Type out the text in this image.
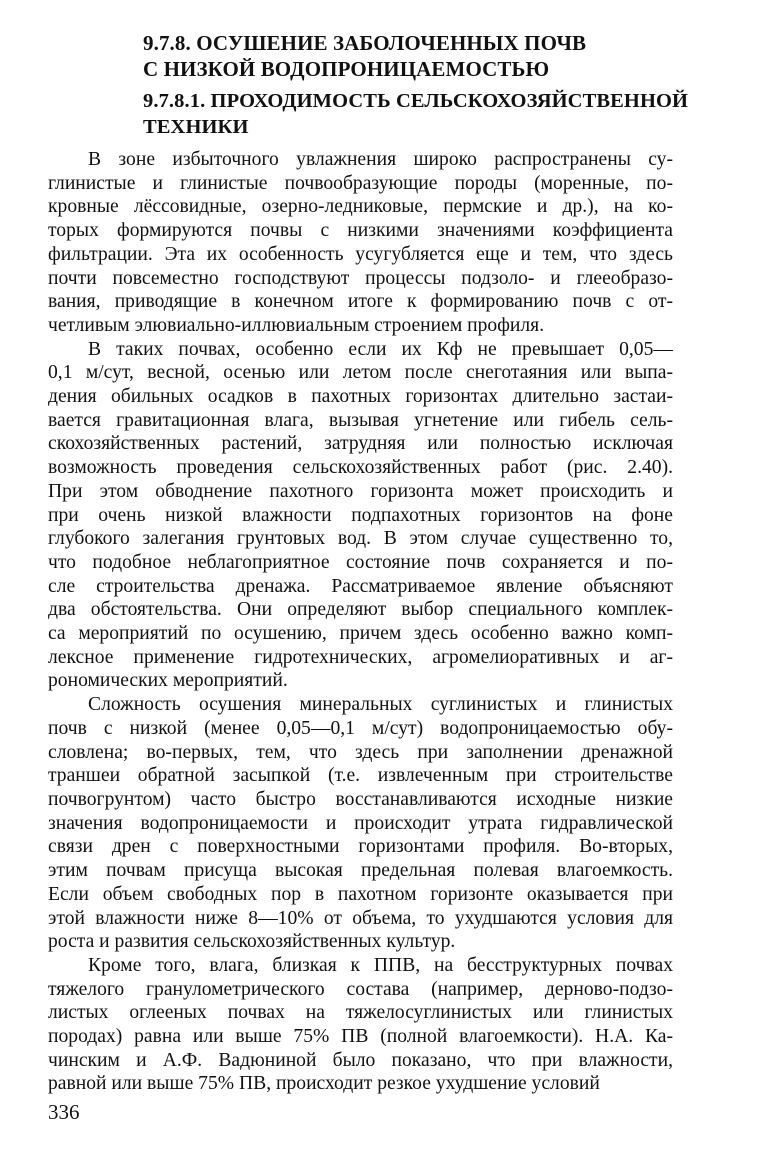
9.7.8. ОСУШЕНИЕ ЗАБОЛОЧЕННЫХ ПОЧВ

С НИЗКОЙ ВОДОПРОНИЦАЕМОСТЬЮ

9.7.8.1. ПРОХОДИМОСТЬ СЕЛЬСКОХОЗЯЙСТВЕННОЙ

ТЕХНИКИ

В зоне избыточного увлажнения широко распространены су-

глинистые и глинистые почвообразующие породы (моренные, по-

кровные лёссовидные, озерно-ледниковые, пермские и др.), на ко-

торых формируются почвы с низкими значениями коэффициента

фильтрации. Эта их особенность усугубляется еще и тем, что здесь

почти повсеместно господствуют процессы подзоло- и глееобразо-

вания, приводящие в конечном итоге к формированию почв с от-

четливым элювиально-иллювиальным строением профиля.

В таких почвах, особенно если их Кф не превышает 0,05—

0,1 м/сут, весной, осенью или летом после снеготаяния или выпа-

дения обильных осадков в пахотных горизонтах длительно застаи-

вается гравитационная влага, вызывая угнетение или гибель сель-

скохозяйственных растений, затрудняя или полностью исключая

возможность проведения сельскохозяйственных работ (рис. 2.40).

При этом обводнение пахотного горизонта может происходить и

при очень низкой влажности подпахотных горизонтов на фоне

глубокого залегания грунтовых вод. В этом случае существенно то,

что подобное неблагоприятное состояние почв сохраняется и по-

сле строительства дренажа. Рассматриваемое явление объясняют

два обстоятельства. Они определяют выбор специального комплек-

са мероприятий по осушению, причем здесь особенно важно комп-

лексное применение гидротехнических, агромелиоративных и аг-

рономических мероприятий.

Сложность осушения минеральных суглинистых и глинистых

почв с низкой (менее 0,05—0,1 м/сут) водопроницаемостью обу-

словлена; во-первых, тем, что здесь при заполнении дренажной

траншеи обратной засыпкой (т.е. извлеченным при строительстве

почвогрунтом) часто быстро восстанавливаются исходные низкие

значения водопроницаемости и происходит утрата гидравлической

связи дрен с поверхностными горизонтами профиля. Во-вторых,

этим почвам присуща высокая предельная полевая влагоемкость.

Если объем свободных пор в пахотном горизонте оказывается при

этой влажности ниже 8—10% от объема, то ухудшаются условия для

роста и развития сельскохозяйственных культур.

Кроме того, влага, близкая к ППВ, на бесструктурных почвах

тяжелого гранулометрического состава (например, дерново-подзо-

листых оглееных почвах на тяжелосуглинистых или глинистых

породах) равна или выше 75% ПВ (полной влагоемкости). Н.А. Ка-

чинским и А.Ф. Вадюниной было показано, что при влажности,

равной или выше 75% ПВ, происходит резкое ухудшение условий

336
